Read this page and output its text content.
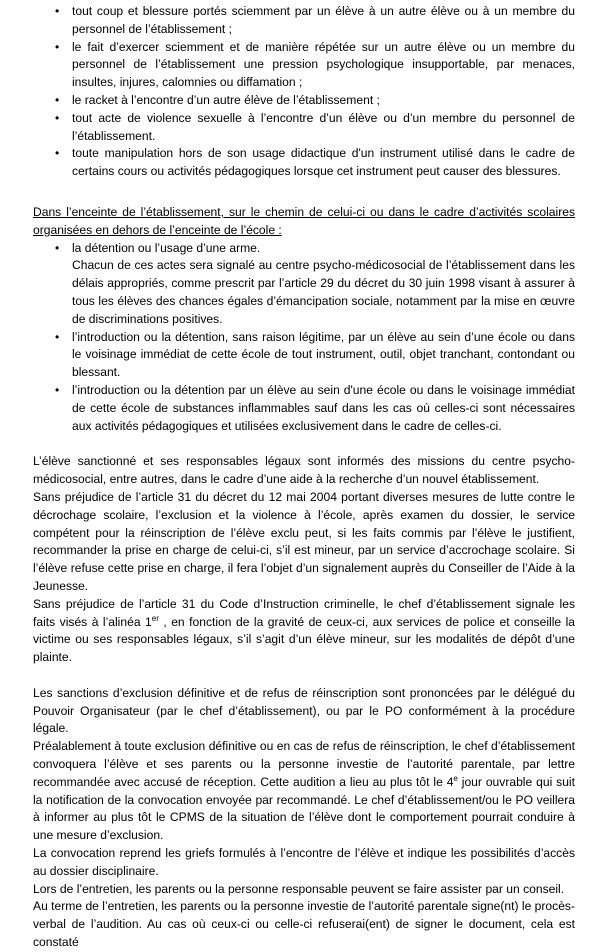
• tout coup et blessure portés sciemment par un élève à un autre élève ou à un membre du personnel de l’établissement ;
• le fait d’exercer sciemment et de manière répétée sur un autre élève ou un membre du personnel de l’établissement une pression psychologique insupportable, par menaces, insultes, injures, calomnies ou diffamation ;
• le racket à l’encontre d’un autre élève de l’établissement ;
• tout acte de violence sexuelle à l’encontre d’un élève ou d’un membre du personnel de l’établissement.
• toute manipulation hors de son usage didactique d'un instrument utilisé dans le cadre de certains cours ou activités pédagogiques lorsque cet instrument peut causer des blessures.
Dans l’enceinte de l’établissement, sur le chemin de celui-ci ou dans le cadre d’activités scolaires organisées en dehors de l’enceinte de l’école :
• la détention ou l’usage d’une arme.
Chacun de ces actes sera signalé au centre psycho-médicosocial de l’établissement dans les délais appropriés, comme prescrit par l’article 29 du décret du 30 juin 1998 visant à assurer à tous les élèves des chances égales d’émancipation sociale, notamment par la mise en œuvre de discriminations positives.
• l’introduction ou la détention, sans raison légitime, par un élève au sein d’une école ou dans le voisinage immédiat de cette école de tout instrument, outil, objet tranchant, contondant ou blessant.
• l’introduction ou la détention par un élève au sein d'une école ou dans le voisinage immédiat de cette école de substances inflammables sauf dans les cas où celles-ci sont nécessaires aux activités pédagogiques et utilisées exclusivement dans le cadre de celles-ci.

L’élève sanctionné et ses responsables légaux sont informés des missions du centre psycho-médicosocial, entre autres, dans le cadre d’une aide à la recherche d’un nouvel établissement.

Sans préjudice de l’article 31 du décret du 12 mai 2004 portant diverses mesures de lutte contre le décrochage scolaire, l’exclusion et la violence à l’école, après examen du dossier, le service compétent pour la réinscription de l’élève exclu peut, si les faits commis par l’élève le justifient, recommander la prise en charge de celui-ci, s’il est mineur, par un service d’accrochage scolaire. Si l’élève refuse cette prise en charge, il fera l’objet d’un signalement auprès du Conseiller de l’Aide à la Jeunesse.

Sans préjudice de l’article 31 du Code d’Instruction criminelle, le chef d’établissement signale les faits visés à l’alinéa 1er , en fonction de la gravité de ceux-ci, aux services de police et conseille la victime ou ses responsables légaux, s’il s’agit d’un élève mineur, sur les modalités de dépôt d’une plainte.

Les sanctions d’exclusion définitive et de refus de réinscription sont prononcées par le délégué du Pouvoir Organisateur (par le chef d’établissement), ou par le PO conformément à la procédure légale.

Préalablement à toute exclusion définitive ou en cas de refus de réinscription, le chef d’établissement convoquera l’élève et ses parents ou la personne investie de l’autorité parentale, par lettre recommandée avec accusé de réception. Cette audition a lieu au plus tôt le 4e jour ouvrable qui suit la notification de la convocation envoyée par recommandé. Le chef d’établissement/ou le PO veillera à informer au plus tôt le CPMS de la situation de l’élève dont le comportement pourrait conduire à une mesure d’exclusion.

La convocation reprend les griefs formulés à l’encontre de l’élève et indique les possibilités d’accès au dossier disciplinaire.

Lors de l’entretien, les parents ou la personne responsable peuvent se faire assister par un conseil.

Au terme de l’entretien, les parents ou la personne investie de l’autorité parentale signe(nt) le procès-verbal de l’audition. Au cas où ceux-ci ou celle-ci refuserai(ent) de signer le document, cela est constaté
